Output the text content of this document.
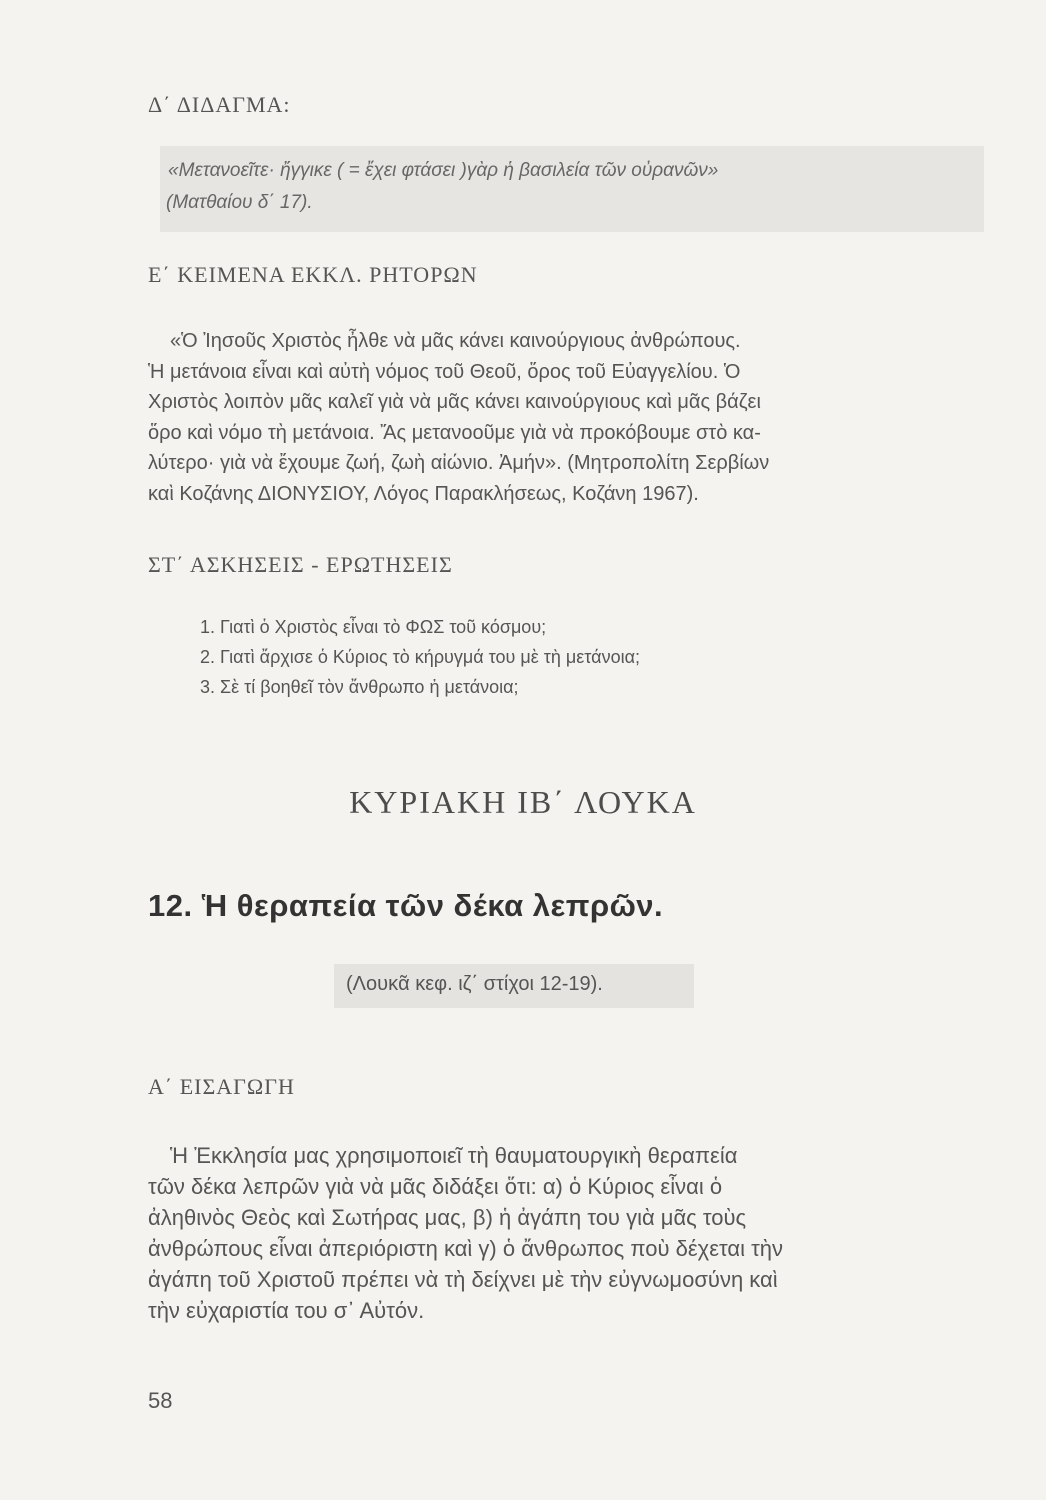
Δ΄ ΔΙΔΑΓΜΑ:

«Μετανοεῖτε· ἤγγικε ( = ἔχει φτάσει )γὰρ ἡ βασιλεία τῶν οὐρανῶν»

(Ματθαίου δ΄ 17).

Ε΄ ΚΕΙΜΕΝΑ ΕΚΚΛ. ΡΗΤΟΡΩΝ

«Ὁ Ἰησοῦς Χριστὸς ἦλθε νὰ μᾶς κάνει καινούργιους ἀνθρώπους.
Ἡ μετάνοια εἶναι καὶ αὐτὴ νόμος τοῦ Θεοῦ, ὅρος τοῦ Εὐαγγελίου. Ὁ
Χριστὸς λοιπὸν μᾶς καλεῖ γιὰ νὰ μᾶς κάνει καινούργιους καὶ μᾶς βάζει
ὅρο καὶ νόμο τὴ μετάνοια. Ἄς μετανοοῦμε γιὰ νὰ προκόβουμε στὸ κα-
λύτερο· γιὰ νὰ ἔχουμε ζωή, ζωὴ αἰώνιο. Ἀμήν». (Μητροπολίτη Σερβίων
καὶ Κοζάνης ΔΙΟΝΥΣΙΟΥ, Λόγος Παρακλήσεως, Κοζάνη 1967).

ΣΤ΄ ΑΣΚΗΣΕΙΣ - ΕΡΩΤΗΣΕΙΣ
1. Γιατὶ ὁ Χριστὸς εἶναι τὸ ΦΩΣ τοῦ κόσμου;
2. Γιατὶ ἄρχισε ὁ Κύριος τὸ κήρυγμά του μὲ τὴ μετάνοια;
3. Σὲ τί βοηθεῖ τὸν ἄνθρωπο ἡ μετάνοια;
ΚΥΡΙΑΚΗ ΙΒ΄ ΛΟΥΚΑ
12. Ἡ θεραπεία τῶν δέκα λεπρῶν.
(Λουκᾶ κεφ. ιζ΄ στίχοι 12-19).
Α΄ ΕΙΣΑΓΩΓΗ

Ἡ Ἐκκλησία μας χρησιμοποιεῖ τὴ θαυματουργικὴ θεραπεία
τῶν δέκα λεπρῶν γιὰ νὰ μᾶς διδάξει ὅτι: α) ὁ Κύριος εἶναι ὁ
ἀληθινὸς Θεὸς καὶ Σωτήρας μας, β) ἡ ἀγάπη του γιὰ μᾶς τοὺς
ἀνθρώπους εἶναι ἀπεριόριστη καὶ γ) ὁ ἄνθρωπος ποὺ δέχεται τὴν
ἀγάπη τοῦ Χριστοῦ πρέπει νὰ τὴ δείχνει μὲ τὴν εὐγνωμοσύνη καὶ
τὴν εὐχαριστία του σ᾽ Αὐτόν.

58
